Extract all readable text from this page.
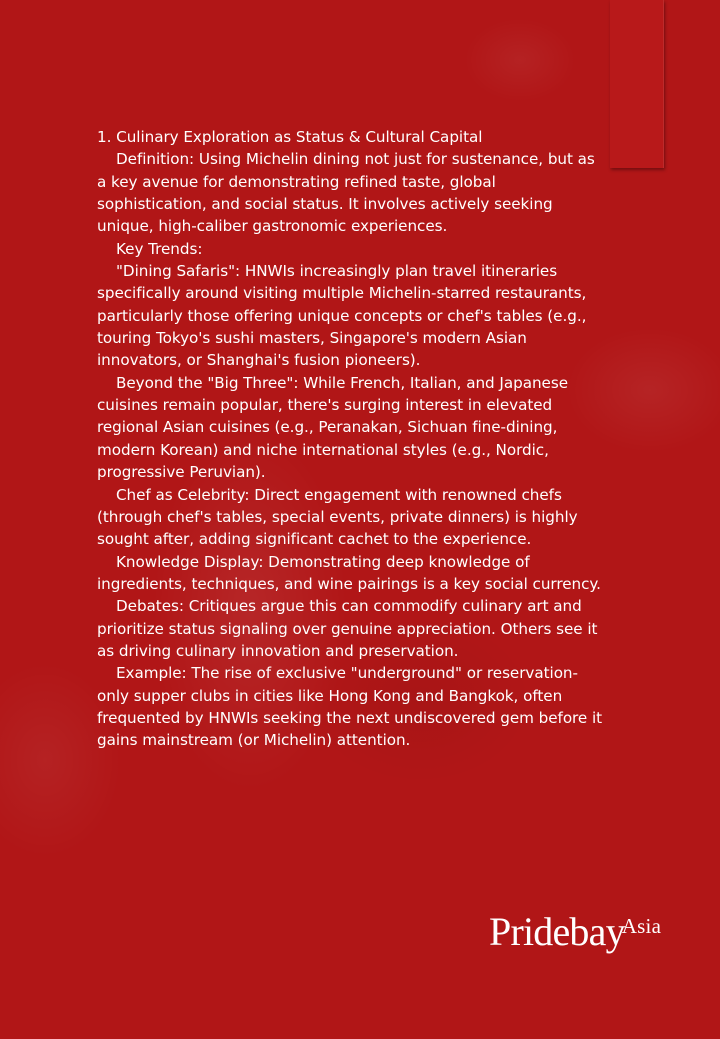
1. Culinary Exploration as Status & Cultural Capital

Definition: Using Michelin dining not just for sustenance, but as a key avenue for demonstrating refined taste, global sophistication, and social status. It involves actively seeking unique, high-caliber gastronomic experiences.

Key Trends:

"Dining Safaris": HNWIs increasingly plan travel itineraries specifically around visiting multiple Michelin-starred restaurants, particularly those offering unique concepts or chef's tables (e.g., touring Tokyo's sushi masters, Singapore's modern Asian innovators, or Shanghai's fusion pioneers).

Beyond the "Big Three": While French, Italian, and Japanese cuisines remain popular, there's surging interest in elevated regional Asian cuisines (e.g., Peranakan, Sichuan fine-dining, modern Korean) and niche international styles (e.g., Nordic, progressive Peruvian).

Chef as Celebrity: Direct engagement with renowned chefs (through chef's tables, special events, private dinners) is highly sought after, adding significant cachet to the experience.

Knowledge Display: Demonstrating deep knowledge of ingredients, techniques, and wine pairings is a key social currency.

Debates: Critiques argue this can commodify culinary art and prioritize status signaling over genuine appreciation. Others see it as driving culinary innovation and preservation.

Example: The rise of exclusive "underground" or reservation-only supper clubs in cities like Hong Kong and Bangkok, often frequented by HNWIs seeking the next undiscovered gem before it gains mainstream (or Michelin) attention.

PridebayAsia
